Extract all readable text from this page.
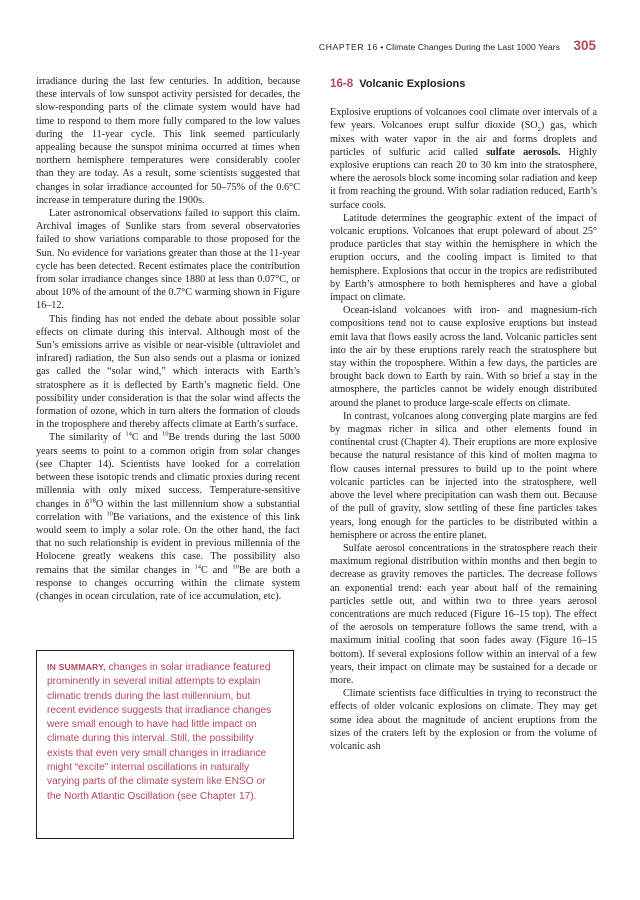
CHAPTER 16 • Climate Changes During the Last 1000 Years 305

irradiance during the last few centuries. In addition, because these intervals of low sunspot activity persisted for decades, the slow-responding parts of the climate system would have had time to respond to them more fully compared to the low values during the 11-year cycle. This link seemed particularly appealing because the sunspot minima occurred at times when northern hemisphere temperatures were considerably cooler than they are today. As a result, some scientists suggested that changes in solar irradiance accounted for 50–75% of the 0.6°C increase in temperature during the 1900s.

Later astronomical observations failed to support this claim. Archival images of Sunlike stars from several observatories failed to show variations comparable to those proposed for the Sun. No evidence for variations greater than those at the 11-year cycle has been detected. Recent estimates place the contribution from solar irradiance changes since 1880 at less than 0.07°C, or about 10% of the amount of the 0.7°C warming shown in Figure 16–12.

This finding has not ended the debate about possible solar effects on climate during this interval. Although most of the Sun’s emissions arrive as visible or near-visible (ultraviolet and infrared) radiation, the Sun also sends out a plasma or ionized gas called the “solar wind,” which interacts with Earth’s stratosphere as it is deflected by Earth’s magnetic field. One possibility under consideration is that the solar wind affects the formation of ozone, which in turn alters the formation of clouds in the troposphere and thereby affects climate at Earth’s surface.

The similarity of $^{14}$C and $^{10}$Be trends during the last 5000 years seems to point to a common origin from solar changes (see Chapter 14). Scientists have looked for a correlation between these isotopic trends and climatic proxies during recent millennia with only mixed success. Temperature-sensitive changes in $\delta^{18}O$ within the last millennium show a substantial correlation with $^{10}$Be variations, and the existence of this link would seem to imply a solar role. On the other hand, the fact that no such relationship is evident in previous millennia of the Holocene greatly weakens this case. The possibility also remains that the similar changes in $^{14}$C and $^{10}$Be are both a response to changes occurring within the climate system (changes in ocean circulation, rate of ice accumulation, etc).

IN SUMMARY, changes in solar irradiance featured prominently in several initial attempts to explain climatic trends during the last millennium, but recent evidence suggests that irradiance changes were small enough to have had little impact on climate during this interval. Still, the possibility exists that even very small changes in irradiance might “excite” internal oscillations in naturally varying parts of the climate system like ENSO or the North Atlantic Oscillation (see Chapter 17).
16-8 Volcanic Explosions

Explosive eruptions of volcanoes cool climate over intervals of a few years. Volcanoes erupt sulfur dioxide $(SO_2)$ gas, which mixes with water vapor in the air and forms droplets and particles of sulfuric acid called sulfate aerosols. Highly explosive eruptions can reach 20 to 30 km into the stratosphere, where the aerosols block some incoming solar radiation and keep it from reaching the ground. With solar radiation reduced, Earth’s surface cools.

Latitude determines the geographic extent of the impact of volcanic eruptions. Volcanoes that erupt poleward of about 25° produce particles that stay within the hemisphere in which the eruption occurs, and the cooling impact is limited to that hemisphere. Explosions that occur in the tropics are redistributed by Earth’s atmosphere to both hemispheres and have a global impact on climate.

Ocean-island volcanoes with iron- and magnesium-rich compositions tend not to cause explosive eruptions but instead emit lava that flows easily across the land. Volcanic particles sent into the air by these eruptions rarely reach the stratosphere but stay within the troposphere. Within a few days, the particles are brought back down to Earth by rain. With so brief a stay in the atmosphere, the particles cannot be widely enough distributed around the planet to produce large-scale effects on climate.

In contrast, volcanoes along converging plate margins are fed by magmas richer in silica and other elements found in continental crust (Chapter 4). Their eruptions are more explosive because the natural resistance of this kind of molten magma to flow causes internal pressures to build up to the point where volcanic particles can be injected into the stratosphere, well above the level where precipitation can wash them out. Because of the pull of gravity, slow settling of these fine particles takes years, long enough for the particles to be distributed within a hemisphere or across the entire planet.

Sulfate aerosol concentrations in the stratosphere reach their maximum regional distribution within months and then begin to decrease as gravity removes the particles. The decrease follows an exponential trend: each year about half of the remaining particles settle out, and within two to three years aerosol concentrations are much reduced (Figure 16–15 top). The effect of the aerosols on temperature follows the same trend, with a maximum initial cooling that soon fades away (Figure 16–15 bottom). If several explosions follow within an interval of a few years, their impact on climate may be sustained for a decade or more.

Climate scientists face difficulties in trying to reconstruct the effects of older volcanic explosions on climate. They may get some idea about the magnitude of ancient eruptions from the sizes of the craters left by the explosion or from the volume of volcanic ash
